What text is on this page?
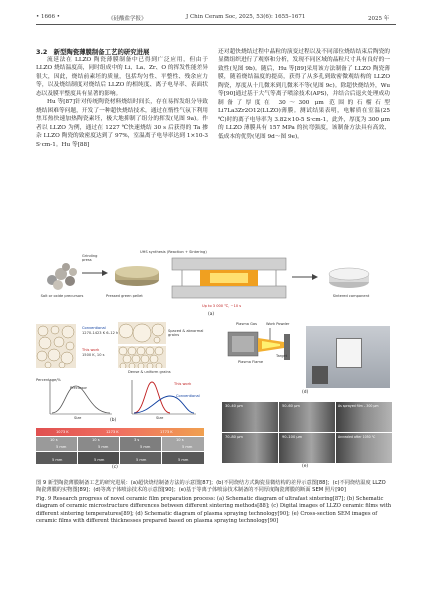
• 1666 •	《硅酸盐学报》	J Chin Ceram Soc, 2025, 53(6): 1655–1671	2025 年
3.2 新型陶瓷薄膜制备工艺的研究进展

流延法在 LLZO 陶瓷薄膜制备中已得到广泛应用，但由于 LLZO 烧结温度高，同时组成中的 Li、La、Zr、O 的挥发性能差异很大，因此，烧结前素坯的质量，包括均匀性、平整性、残余应力等，以及烧结制度对烧结后 LLZO 的相纯度、离子电导率、表面状态以及膜平整度具有显著的影响。

Hu 等[87]针对传统陶瓷材料烧结时间长，存在易挥发组分导致烧结困难等问题，开发了一种超快烧结技术，通过在惰性气氛下利用焦耳热快速加热陶瓷素坯，极大地抑制了组分的挥发(见图 9a)。作者以 LLZO 为例，通过在 1227 ℃快速烧结 30 s 后获得的 Ta 掺杂 LLZO 陶瓷的致密度达到了 97%，室温离子电导率达到 1×10-3 S·cm-1。Hu 等[88]

还对超快烧结过程中晶粒的演变过程以及不同部位烧结结束后陶瓷的显微组织进行了观察和分析，发现不同区域的晶粒尺寸具有良好的一致性(见图 9b)。随后，Hu 等[89]采用该方法制备了 LLZO 陶瓷薄膜，随着烧结温度的提高，获得了从多孔到致密微观结构的 LLZO 陶瓷，厚度从十几微米到几微米不等(见图 9c)。除超快烧结外，Wu 等[90]通过基于大气等离子喷涂技术(APS)，并结合后退火处理成功制备了厚度在 30～300 μm 范围的石榴石型 Li7La3Zr2O12(LLZO)薄膜。测试结果表明，电解质在室温(25 ℃)时的离子电导率为 3.82×10-5 S·cm-1，此外，厚度为 300 μm 的 LLZO 薄膜具有 157 MPa 的抗弯强度，该制备方法具有高效、低成本的优势(见图 9d～图 9e)。

UHS synthesis (Reaction + Sintering)
Salt or oxide precursors
Grinding press
Pressed green pellet
Up to 3 000 ℃, ~10 s
Sintered component
(a)
Conventional
1270-1423 K 6–12 h
This work
1500 K, 10 s
Spaced & abnormal grains
Dense & uniform grains
Precursor
Percentage/%
Size	Size
This work
Conventional
(b)
1073 K	1273 K	1773 K
10 s
5 mm
10 s
5 mm
3 s
5 mm
10 s
5 mm
5 mm	5 mm	5 mm	5 mm
(c)
Plasma Gas	Work Powder
Target
Plasma Flame
(d)
30–40 μm	50–60 μm	As sprayed film – 300 μm
70–80 μm	90–100 μm	Annealed after 1050 ℃
(e)

图 9 新型陶瓷薄膜制备工艺的研究进展：(a)超快烧结制备方法的示意图[87]；(b)不同烧结方式陶瓷显微结构的差异示意图[88]；(c)不同烧结温度 LLZO 陶瓷薄膜的实物图[89]；(d)等离子体喷涂技术的示意图[90]；(e)基于等离子体喷涂技术制备的不同厚度陶瓷薄膜的断面 SEM 照片[90]

Fig. 9 Research progress of novel ceramic film preparation process: (a) Schematic diagram of ultrafast sintering[87]; (b) Schematic diagram of ceramic microstructure differences between different sintering methods[88]; (c) Digital images of LLZO ceramic films with different sintering temperatures[89]; (d) Schematic diagram of plasma spraying technology[90]; (e) Cross-section SEM images of ceramic films with different thicknesses prepared based on plasma spraying technology[90]
